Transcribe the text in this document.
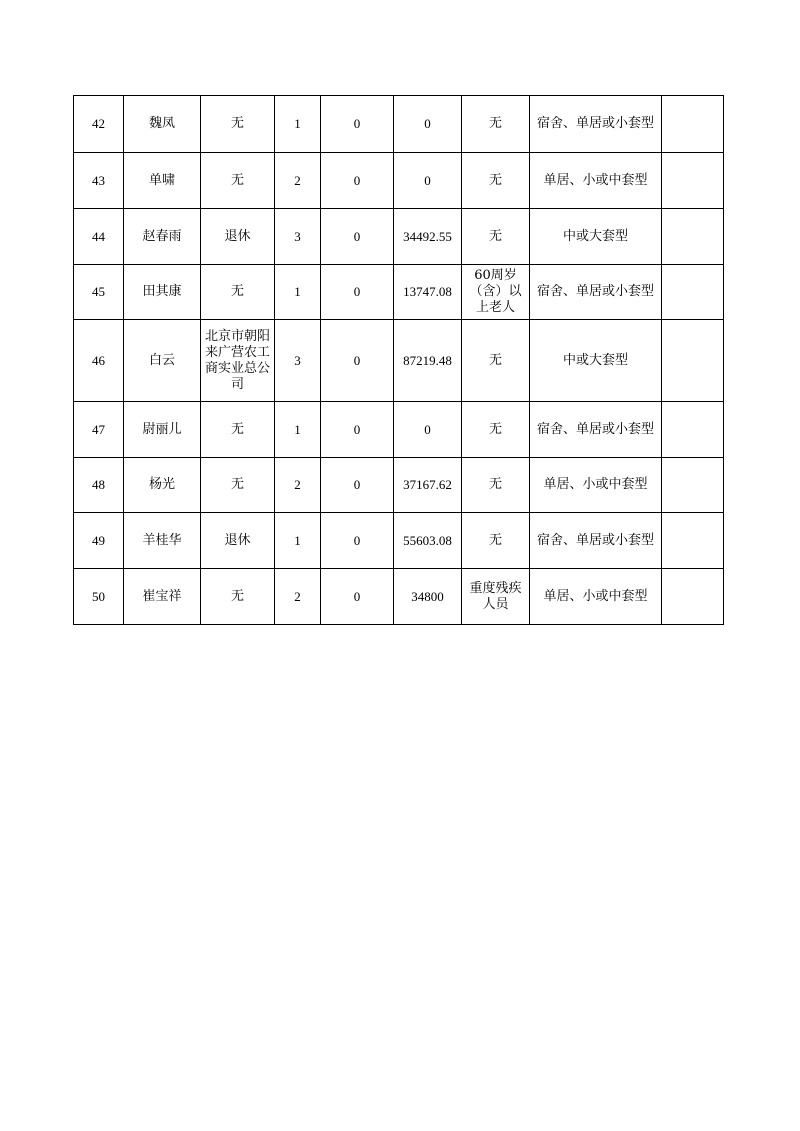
42	魏凤	无	1	0	0	无	宿舍、单居或小套型	
43	单啸	无	2	0	0	无	单居、小或中套型	
44	赵春雨	退休	3	0	34492.55	无	中或大套型	
45	田其康	无	1	0	13747.08	60周岁（含）以上老人	宿舍、单居或小套型	
46	白云	北京市朝阳来广营农工商实业总公司	3	0	87219.48	无	中或大套型	
47	尉丽儿	无	1	0	0	无	宿舍、单居或小套型	
48	杨光	无	2	0	37167.62	无	单居、小或中套型	
49	羊桂华	退休	1	0	55603.08	无	宿舍、单居或小套型	
50	崔宝祥	无	2	0	34800	重度残疾人员	单居、小或中套型	
